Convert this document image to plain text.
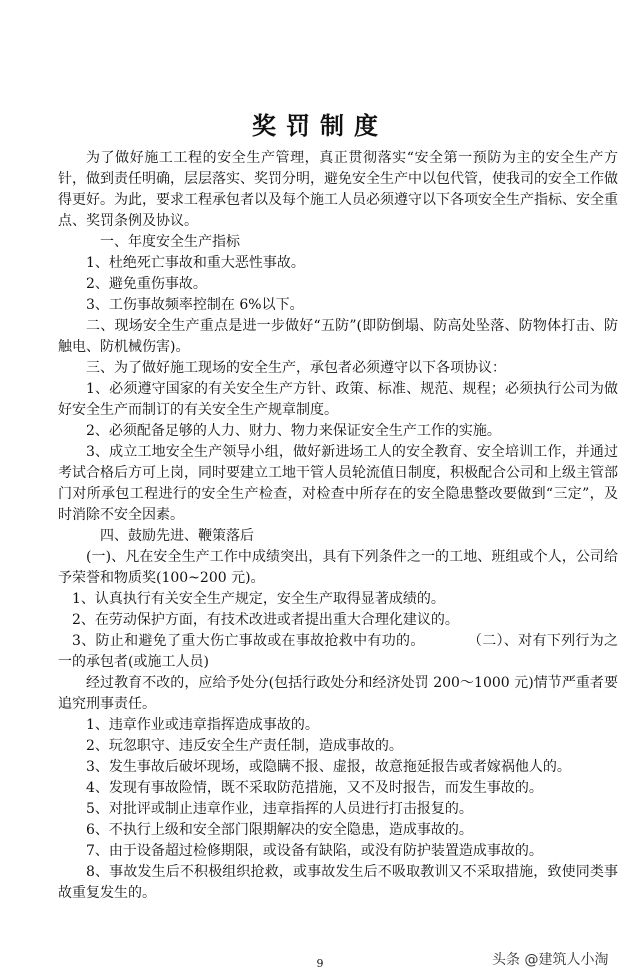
奖罚制度

为了做好施工工程的安全生产管理，真正贯彻落实“安全第一预防为主的安全生产方针，做到责任明确，层层落实、奖罚分明，避免安全生产中以包代管，使我司的安全工作做得更好。为此，要求工程承包者以及每个施工人员必须遵守以下各项安全生产指标、安全重点、奖罚条例及协议。

一、年度安全生产指标

1、杜绝死亡事故和重大恶性事故。

2、避免重伤事故。

3、工伤事故频率控制在 6%以下。

二、现场安全生产重点是进一步做好“五防”(即防倒塌、防高处坠落、防物体打击、防触电、防机械伤害)。

三、为了做好施工现场的安全生产，承包者必须遵守以下各项协议：

1、必须遵守国家的有关安全生产方针、政策、标准、规范、规程；必须执行公司为做好安全生产而制订的有关安全生产规章制度。

2、必须配备足够的人力、财力、物力来保证安全生产工作的实施。

3、成立工地安全生产领导小组，做好新进场工人的安全教育、安全培训工作，并通过考试合格后方可上岗，同时要建立工地干管人员轮流值日制度，积极配合公司和上级主管部门对所承包工程进行的安全生产检查，对检查中所存在的安全隐患整改要做到“三定”，及时消除不安全因素。

四、鼓励先进、鞭策落后

(一)、凡在安全生产工作中成绩突出，具有下列条件之一的工地、班组或个人，公司给予荣誉和物质奖(100~200 元)。

1、认真执行有关安全生产规定，安全生产取得显著成绩的。

2、在劳动保护方面，有技术改进或者提出重大合理化建议的。

3、防止和避免了重大伤亡事故或在事故抢救中有功的。　　　　（二）、对有下列行为之一的承包者(或施工人员)

经过教育不改的，应给予处分(包括行政处分和经济处罚 200～1000 元)情节严重者要追究刑事责任。

1、违章作业或违章指挥造成事故的。

2、玩忽职守、违反安全生产责任制，造成事故的。

3、发生事故后破坏现场，或隐瞒不报、虚报，故意拖延报告或者嫁祸他人的。

4、发现有事故险情，既不采取防范措施，又不及时报告，而发生事故的。

5、对批评或制止违章作业，违章指挥的人员进行打击报复的。

6、不执行上级和安全部门限期解决的安全隐患，造成事故的。

7、由于设备超过检修期限，或设备有缺陷，或没有防护装置造成事故的。

8、事故发生后不积极组织抢救，或事故发生后不吸取教训又不采取措施，致使同类事故重复发生的。

9	头条 @建筑人小淘
